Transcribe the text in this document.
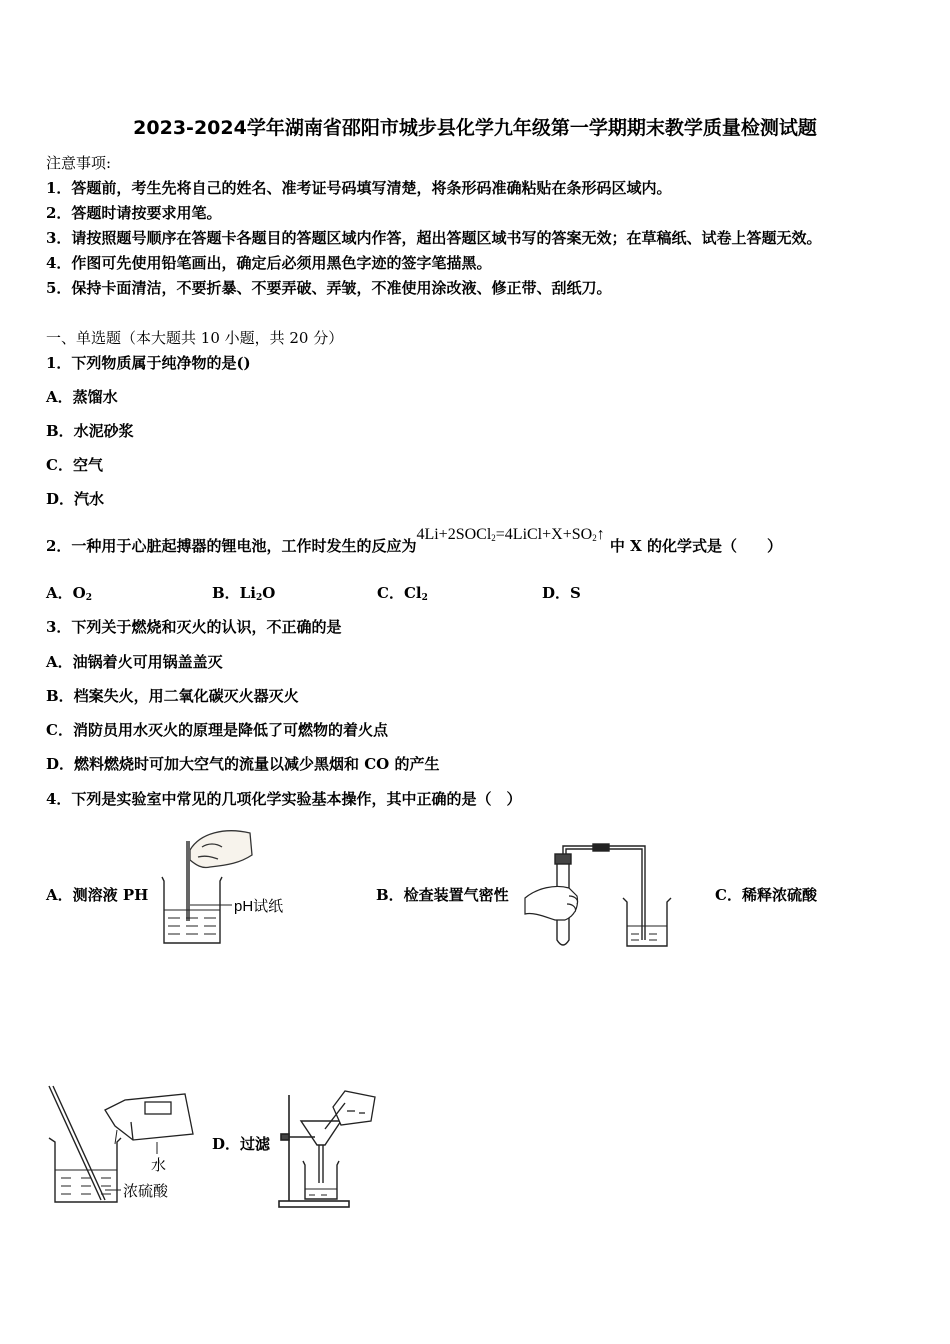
2023-2024学年湖南省邵阳市城步县化学九年级第一学期期末教学质量检测试题
注意事项:
1．答题前，考生先将自己的姓名、准考证号码填写清楚，将条形码准确粘贴在条形码区域内。
2．答题时请按要求用笔。
3．请按照题号顺序在答题卡各题目的答题区域内作答，超出答题区域书写的答案无效；在草稿纸、试卷上答题无效。
4．作图可先使用铅笔画出，确定后必须用黑色字迹的签字笔描黑。
5．保持卡面清洁，不要折暴、不要弄破、弄皱，不准使用涂改液、修正带、刮纸刀。
一、单选题（本大题共 10 小题，共 20 分）
1．下列物质属于纯净物的是()
A．蒸馏水
B．水泥砂浆
C．空气
D．汽水
2．一种用于心脏起搏器的锂电池，工作时发生的反应为$4Li+2SOCl_2=4LiCl+X+SO_2↑$ 中 X 的化学式是（　　）
A．$O_2$	B．$Li_2O$	C．$Cl_2$	D．S
3．下列关于燃烧和灭火的认识，不正确的是
A．油锅着火可用锅盖盖灭
B．档案失火，用二氧化碳灭火器灭火
C．消防员用水灭火的原理是降低了可燃物的着火点
D．燃料燃烧时可加大空气的流量以减少黑烟和 CO 的产生
4．下列是实验室中常见的几项化学实验基本操作，其中正确的是（　）
A．测溶液 PH	B．检查装置气密性	C．稀释浓硫酸
D．过滤
pH试纸
水
浓硫酸
